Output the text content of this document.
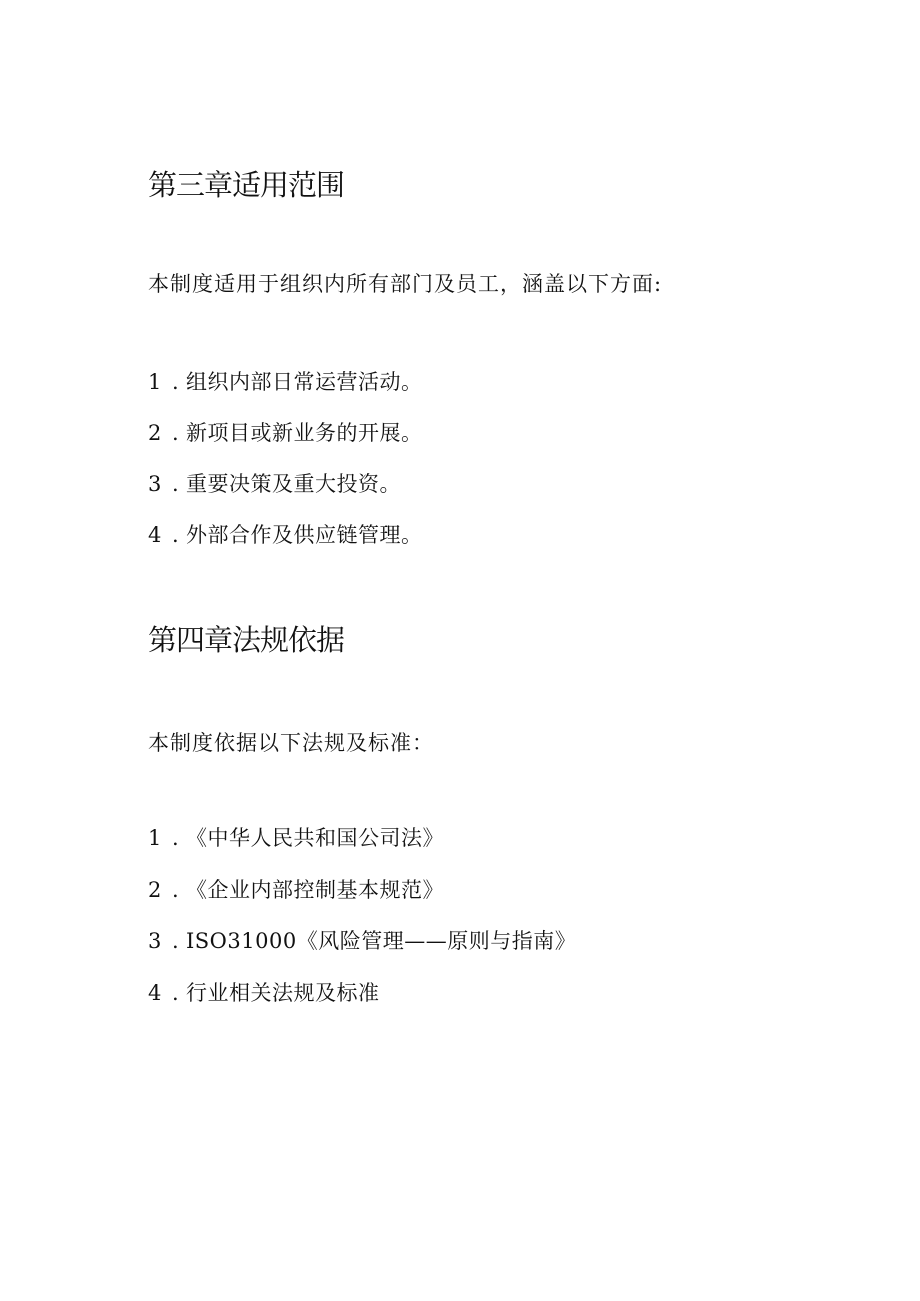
第三章适用范围

本制度适用于组织内所有部门及员工，涵盖以下方面:

1 . 组织内部日常运营活动。
2 . 新项目或新业务的开展。
3 . 重要决策及重大投资。
4 . 外部合作及供应链管理。
第四章法规依据

本制度依据以下法规及标准：

1 . 《中华人民共和国公司法》
2 . 《企业内部控制基本规范》
3 . ISO31000《风险管理——原则与指南》
4 . 行业相关法规及标准
